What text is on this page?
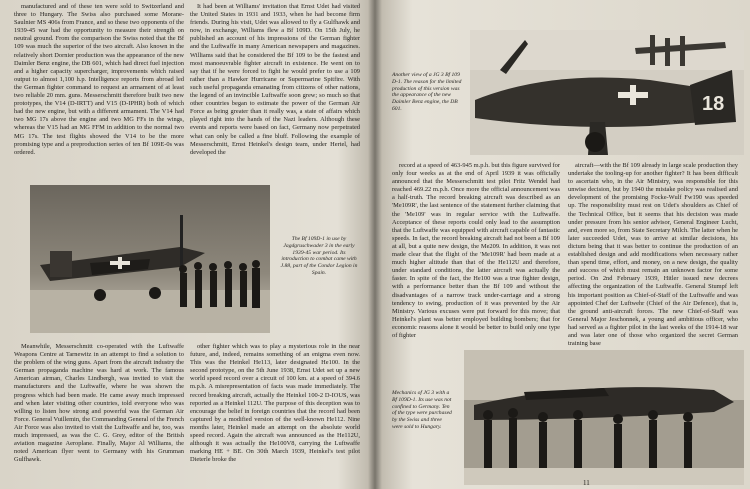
manufactured and of these ten were sold to Switzerland and three to Hungary. The Swiss also purchased some Morane-Saulnier MS 406s from France, and so these two opponents of the 1939-45 war had the opportunity to measure their strength on neutral ground. From the comparison the Swiss noted that the Bf 109 was much the superior of the two aircraft. Also known in the relatively short Dornier production was the appearance of the new Daimler Benz engine, the DB 601, which had direct fuel injection and a higher capacity supercharger, improvements which raised output to almost 1,100 h.p. Intelligence reports from abroad led the German fighter command to request an armament of at least two reliable 20 mm. guns. Messerschmitt therefore built two new prototypes, the V14 (D-IRTT) and V15 (D-IPHR) both of which had the new engine, but with a different armament. The V14 had two MG 17s above the engine and two MG FFs in the wings, whereas the V15 had an MG FFM in addition to the normal two MG 17s. The test flights showed the V14 to be the more promising type and a preproduction series of ten Bf 109E-0s was ordered.

It had been at Williams' invitation that Ernst Udet had visited the United States in 1931 and 1933, when he had become firm friends. During his visit, Udet was allowed to fly a Gulfhawk and now, in exchange, Williams flew a Bf 109D. On 15th July, he published an account of his impressions of the German fighter and the Luftwaffe in many American newspapers and magazines. Williams said that he considered the Bf 109 to be the fastest and most manoeuvrable fighter aircraft in existence. He went on to say that if he were forced to fight he would prefer to use a 109 rather than a Hawker Hurricane or Supermarine Spitfire. With such useful propaganda emanating from citizens of other nations, the legend of an invincible Luftwaffe soon grew; so much so that other countries began to estimate the power of the German Air Force as being greater than it really was, a state of affairs which played right into the hands of the Nazi leaders. Although these events and reports were based on fact, Germany now perpetrated what can only be called a fine bluff. Following the example of Messerschmitt, Ernst Heinkel's design team, under Hertel, had developed the

The Bf 109D-1 in use by Jagdgruschwader 3 in the early 1939-45 war period. Its introduction to combat came with J.88, part of the Condor Legion in Spain.

Meanwhile, Messerschmitt co-operated with the Luftwaffe Weapons Centre at Tarnewitz in an attempt to find a solution to the problem of the wing guns. Apart from the aircraft industry the German propaganda machine was hard at work. The famous American airman, Charles Lindbergh, was invited to visit the manufacturers and the Luftwaffe, where he was shown the progress which had been made. He came away much impressed and when later visiting other countries, told everyone who was willing to listen how strong and powerful was the German Air Force. General Vuillemin, the Commanding General of the French Air Force was also invited to visit the Luftwaffe and he, too, was much impressed, as was the C. G. Grey, editor of the British aviation magazine Aeroplane. Finally, Major Al Williams, the noted American flyer went to Germany with his Grumman Gulfhawk.

other fighter which was to play a mysterious role in the near future, and, indeed, remains something of an enigma even now. This was the Heinkel He113, later designated He100. In the second prototype, on the 5th June 1938, Ernst Udet set up a new world speed record over a circuit of 100 km. at a speed of 394.6 m.p.h. A misrepresentation of facts was made immediately. The record breaking aircraft, actually the Heinkel 100-2 D-IOUS, was reported as a Heinkel 112U. The purpose of this deception was to encourage the belief in foreign countries that the record had been captured by a modified version of the well-known He112. Nine months later, Heinkel made an attempt on the absolute world speed record. Again the aircraft was announced as the He112U, although it was actually the He100V8, carrying the Luftwaffe marking HE + BE. On 30th March 1939, Heinkel's test pilot Dieterle broke the

Another view of a JG 3 Bf 109 D-1. The reason for the limited production of this version was the appearance of the new Daimler Benz engine, the DB 601.	18

record at a speed of 463-945 m.p.h. but this figure survived for only four weeks as at the end of April 1939 it was officially announced that the Messerschmitt test pilot Fritz Wendel had reached 469.22 m.p.h. Once more the official announcement was a half-truth. The record breaking aircraft was described as an 'Me109R', the last sentence of the statement further claiming that the 'Me109' was in regular service with the Luftwaffe. Acceptance of these reports could only lead to the assumption that the Luftwaffe was equipped with aircraft capable of fantastic speeds. In fact, the record breaking aircraft had not been a Bf 109 at all, but a quite new design, the Me209. In addition, it was not made clear that the flight of the 'Me109R' had been made at a much higher altitude than that of the He112U and therefore, under standard conditions, the latter aircraft was actually the faster. In spite of the fact, the He100 was a true fighter design, with a performance better than the Bf 109 and without the disadvantages of a narrow track under-carriage and a strong tendency to swing, production of it was prevented by the Air Ministry. Various excuses were put forward for this move; that Heinkel's plant was better employed building bombers; that for economic reasons alone it would be better to build only one type of fighter

aircraft—with the Bf 109 already in large scale production they undertake the tooling-up for another fighter? It has been difficult to ascertain who, in the Air Ministry, was responsible for this unwise decision, but by 1940 the mistake policy was realised and development of the promising Focke-Wulf Fw190 was speeded up. The responsibility must rest on Udet's shoulders as Chief of the Technical Office, but it seems that his decision was made under pressure from his senior advisor, General Engineer Lucht, and, even more so, from State Secretary Milch. The latter when he later succeeded Udet, was to arrive at similar decisions, his dictum being that it was better to continue the production of an established design and add modifications when necessary rather than spend time, effort, and money, on a new design, the quality and success of which must remain an unknown factor for some period. On 2nd February 1939, Hitler issued new decrees affecting the organization of the Luftwaffe. General Stumpf left his important position as Chief-of-Staff of the Luftwaffe and was appointed Chef der Luftwehr (Chief of the Air Defence), that is, the ground anti-aircraft forces. The new Chief-of-Staff was General Major Jeschonnek, a young and ambitious officer, who had served as a fighter pilot in the last weeks of the 1914-18 war and was later one of those who organized the secret German training base

Mechanics of JG 3 with a Bf 109D-1. Its use was not confined to Germany. Ten of the type were purchased by the Swiss and three were sold to Hungary.

11
